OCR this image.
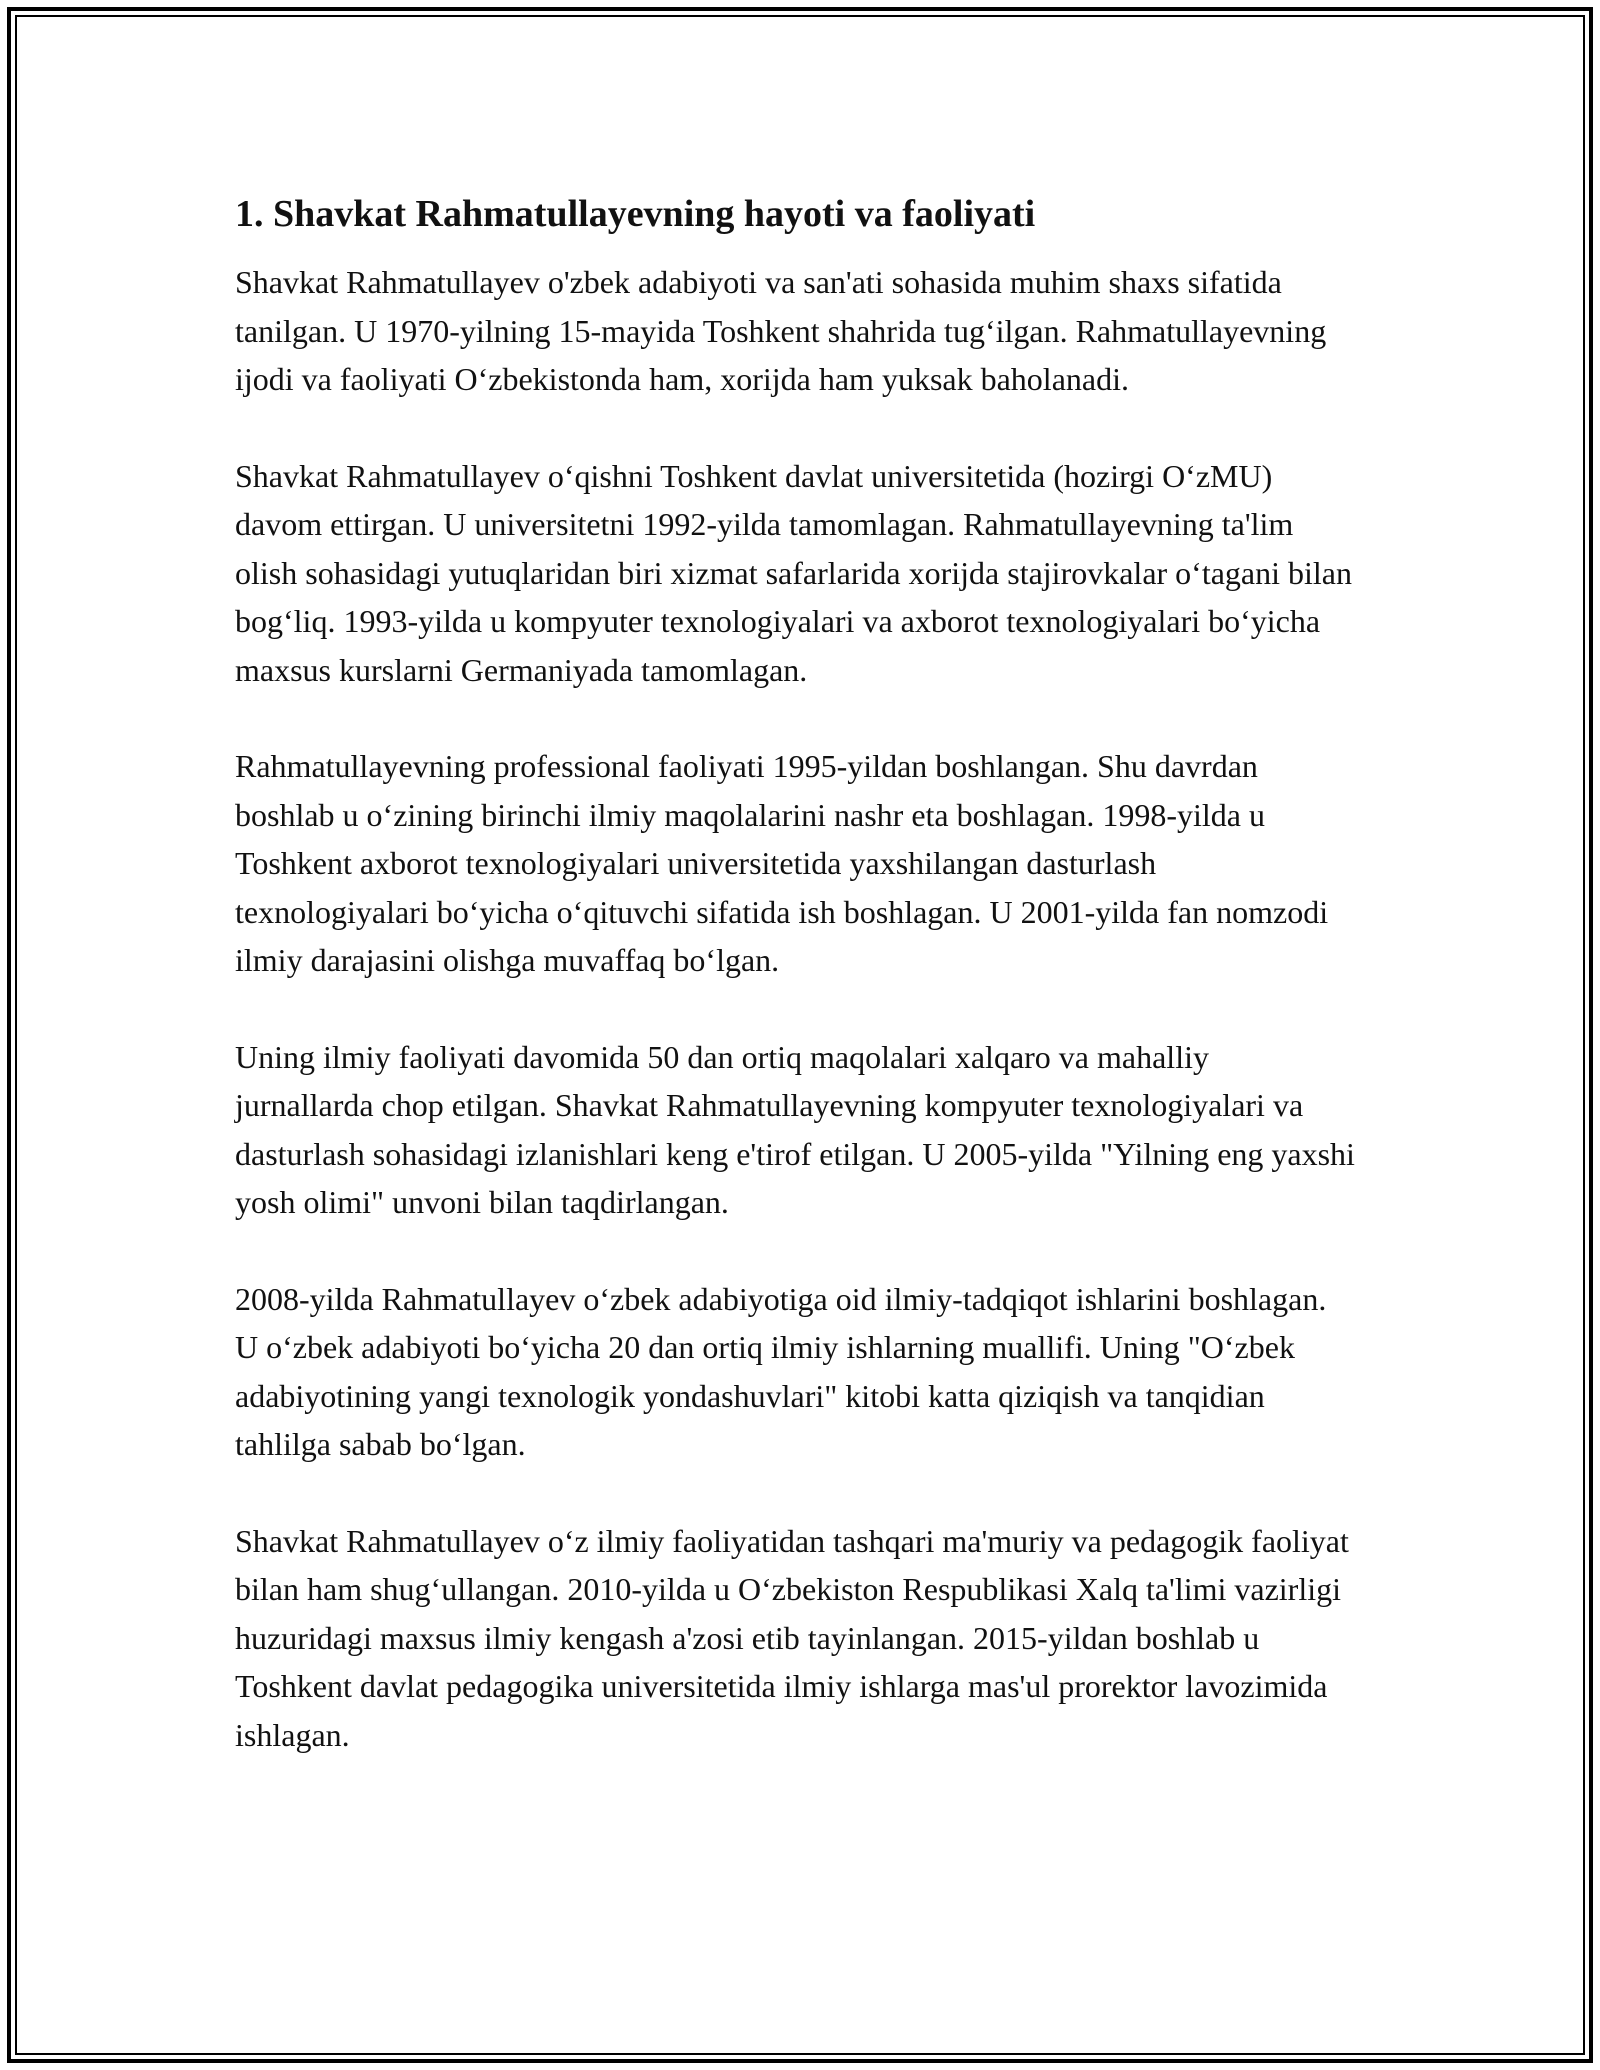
1. Shavkat Rahmatullayevning hayoti va faoliyati

Shavkat Rahmatullayev o'zbek adabiyoti va san'ati sohasida muhim shaxs sifatida tanilgan. U 1970-yilning 15-mayida Toshkent shahrida tug‘ilgan. Rahmatullayevning ijodi va faoliyati O‘zbekistonda ham, xorijda ham yuksak baholanadi.

Shavkat Rahmatullayev o‘qishni Toshkent davlat universitetida (hozirgi O‘zMU) davom ettirgan. U universitetni 1992-yilda tamomlagan. Rahmatullayevning ta'lim olish sohasidagi yutuqlaridan biri xizmat safarlarida xorijda stajirovkalar o‘tagani bilan bog‘liq. 1993-yilda u kompyuter texnologiyalari va axborot texnologiyalari bo‘yicha maxsus kurslarni Germaniyada tamomlagan.

Rahmatullayevning professional faoliyati 1995-yildan boshlangan. Shu davrdan boshlab u o‘zining birinchi ilmiy maqolalarini nashr eta boshlagan. 1998-yilda u Toshkent axborot texnologiyalari universitetida yaxshilangan dasturlash texnologiyalari bo‘yicha o‘qituvchi sifatida ish boshlagan. U 2001-yilda fan nomzodi ilmiy darajasini olishga muvaffaq bo‘lgan.

Uning ilmiy faoliyati davomida 50 dan ortiq maqolalari xalqaro va mahalliy jurnallarda chop etilgan. Shavkat Rahmatullayevning kompyuter texnologiyalari va dasturlash sohasidagi izlanishlari keng e'tirof etilgan. U 2005-yilda "Yilning eng yaxshi yosh olimi" unvoni bilan taqdirlangan.

2008-yilda Rahmatullayev o‘zbek adabiyotiga oid ilmiy-tadqiqot ishlarini boshlagan. U o‘zbek adabiyoti bo‘yicha 20 dan ortiq ilmiy ishlarning muallifi. Uning "O‘zbek adabiyotining yangi texnologik yondashuvlari" kitobi katta qiziqish va tanqidian tahlilga sabab bo‘lgan.

Shavkat Rahmatullayev o‘z ilmiy faoliyatidan tashqari ma'muriy va pedagogik faoliyat bilan ham shug‘ullangan. 2010-yilda u O‘zbekiston Respublikasi Xalq ta'limi vazirligi huzuridagi maxsus ilmiy kengash a'zosi etib tayinlangan. 2015-yildan boshlab u Toshkent davlat pedagogika universitetida ilmiy ishlarga mas'ul prorektor lavozimida ishlagan.
